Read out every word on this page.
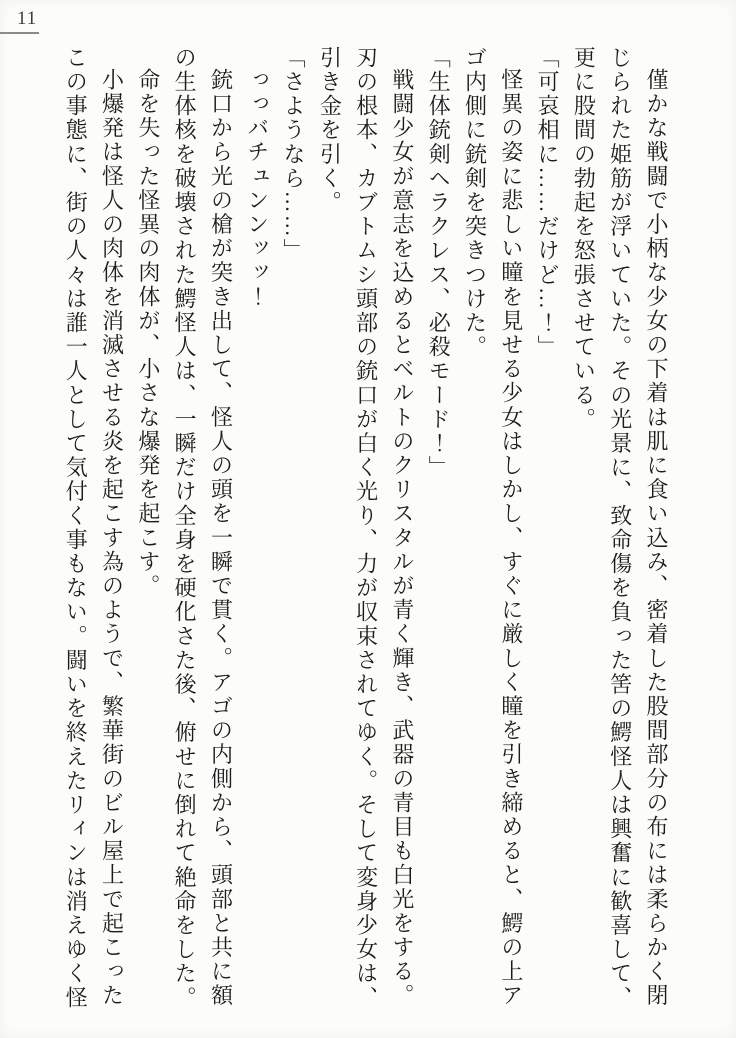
11

僅かな戦闘で小柄な少女の下着は肌に食い込み、密着した股間部分の布には柔らかく閉じられた姫筋が浮いていた。その光景に、致命傷を負った筈の鰐怪人は興奮に歓喜して、更に股間の勃起を怒張させている。

「可哀相に……だけど…！」

怪異の姿に悲しい瞳を見せる少女はしかし、すぐに厳しく瞳を引き締めると、鰐の上アゴ内側に銃剣を突きつけた。

「生体銃剣ヘラクレス、必殺モード！」

戦闘少女が意志を込めるとベルトのクリスタルが青く輝き、武器の青目も白光をする。刃の根本、カブトムシ頭部の銃口が白く光り、力が収束されてゆく。そして変身少女は、引き金を引く。

「さようなら……」

っっバチュンンッッ！

銃口から光の槍が突き出して、怪人の頭を一瞬で貫く。アゴの内側から、頭部と共に額の生体核を破壊された鰐怪人は、一瞬だけ全身を硬化さた後、俯せに倒れて絶命をした。

命を失った怪異の肉体が、小さな爆発を起こす。

小爆発は怪人の肉体を消滅させる炎を起こす為のようで、繁華街のビル屋上で起こったこの事態に、街の人々は誰一人として気付く事もない。闘いを終えたリィンは消えゆく怪
